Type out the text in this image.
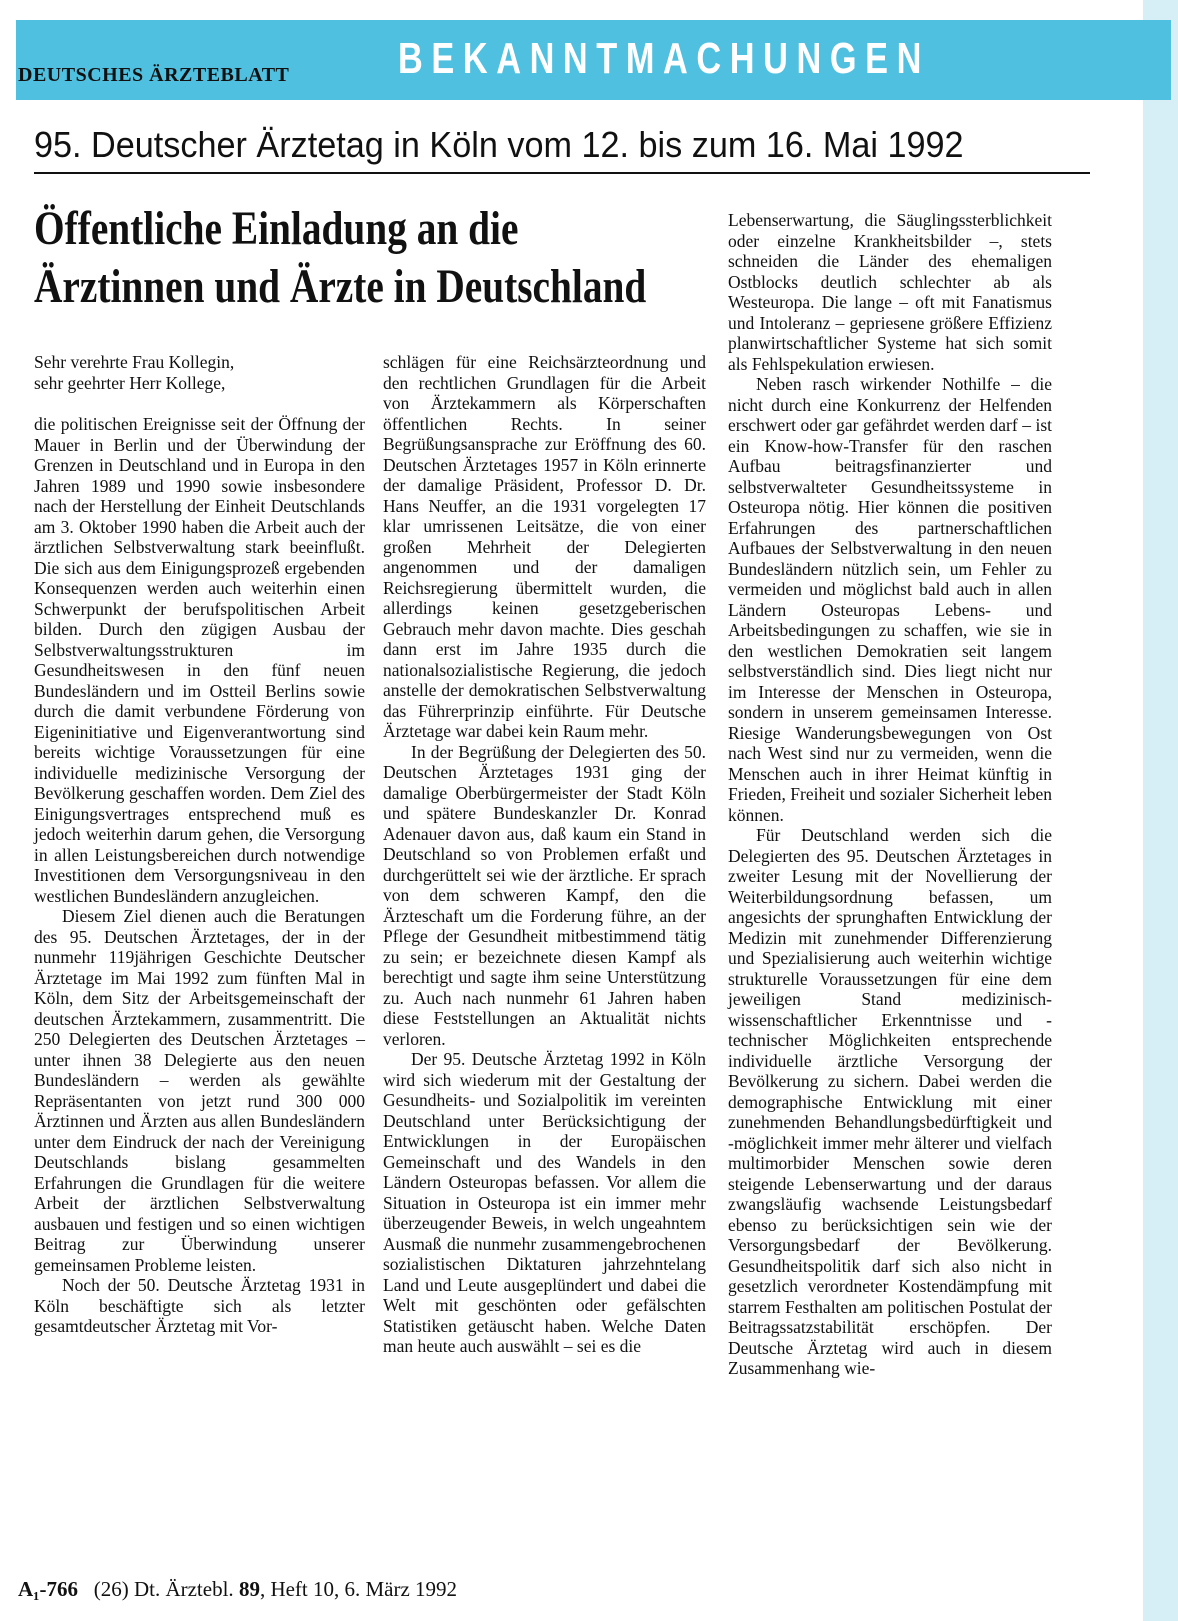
DEUTSCHES ÄRZTEBLATT BEKANNTMACHUNGEN
95. Deutscher Ärztetag in Köln vom 12. bis zum 16. Mai 1992
Öffentliche Einladung an die
Ärztinnen und Ärzte in Deutschland
Sehr verehrte Frau Kollegin,
sehr geehrter Herr Kollege,

die politischen Ereignisse seit der Öffnung der Mauer in Berlin und der Überwindung der Grenzen in Deutschland und in Europa in den Jahren 1989 und 1990 sowie insbesondere nach der Herstellung der Einheit Deutschlands am 3. Oktober 1990 haben die Arbeit auch der ärztlichen Selbstverwaltung stark beeinflußt. Die sich aus dem Einigungsprozeß ergebenden Konsequenzen werden auch weiterhin einen Schwerpunkt der berufspolitischen Arbeit bilden. Durch den zügigen Ausbau der Selbstverwaltungsstrukturen im Gesundheitswesen in den fünf neuen Bundesländern und im Ostteil Berlins sowie durch die damit verbundene Förderung von Eigeninitiative und Eigenverantwortung sind bereits wichtige Voraussetzungen für eine individuelle medizinische Versorgung der Bevölkerung geschaffen worden. Dem Ziel des Einigungsvertrages entsprechend muß es jedoch weiterhin darum gehen, die Versorgung in allen Leistungsbereichen durch notwendige Investitionen dem Versorgungsniveau in den westlichen Bundesländern anzugleichen.

Diesem Ziel dienen auch die Beratungen des 95. Deutschen Ärztetages, der in der nunmehr 119jährigen Geschichte Deutscher Ärztetage im Mai 1992 zum fünften Mal in Köln, dem Sitz der Arbeitsgemeinschaft der deutschen Ärztekammern, zusammentritt. Die 250 Delegierten des Deutschen Ärztetages – unter ihnen 38 Delegierte aus den neuen Bundesländern – werden als gewählte Repräsentanten von jetzt rund 300 000 Ärztinnen und Ärzten aus allen Bundesländern unter dem Eindruck der nach der Vereinigung Deutschlands bislang gesammelten Erfahrungen die Grundlagen für die weitere Arbeit der ärztlichen Selbstverwaltung ausbauen und festigen und so einen wichtigen Beitrag zur Überwindung unserer gemeinsamen Probleme leisten.

Noch der 50. Deutsche Ärztetag 1931 in Köln beschäftigte sich als letzter gesamtdeutscher Ärztetag mit Vor-

schlägen für eine Reichsärzteordnung und den rechtlichen Grundlagen für die Arbeit von Ärztekammern als Körperschaften öffentlichen Rechts. In seiner Begrüßungsansprache zur Eröffnung des 60. Deutschen Ärztetages 1957 in Köln erinnerte der damalige Präsident, Professor D. Dr. Hans Neuffer, an die 1931 vorgelegten 17 klar umrissenen Leitsätze, die von einer großen Mehrheit der Delegierten angenommen und der damaligen Reichsregierung übermittelt wurden, die allerdings keinen gesetzgeberischen Gebrauch mehr davon machte. Dies geschah dann erst im Jahre 1935 durch die nationalsozialistische Regierung, die jedoch anstelle der demokratischen Selbstverwaltung das Führerprinzip einführte. Für Deutsche Ärztetage war dabei kein Raum mehr.

In der Begrüßung der Delegierten des 50. Deutschen Ärztetages 1931 ging der damalige Oberbürgermeister der Stadt Köln und spätere Bundeskanzler Dr. Konrad Adenauer davon aus, daß kaum ein Stand in Deutschland so von Problemen erfaßt und durchgerüttelt sei wie der ärztliche. Er sprach von dem schweren Kampf, den die Ärzteschaft um die Forderung führe, an der Pflege der Gesundheit mitbestimmend tätig zu sein; er bezeichnete diesen Kampf als berechtigt und sagte ihm seine Unterstützung zu. Auch nach nunmehr 61 Jahren haben diese Feststellungen an Aktualität nichts verloren.

Der 95. Deutsche Ärztetag 1992 in Köln wird sich wiederum mit der Gestaltung der Gesundheits- und Sozialpolitik im vereinten Deutschland unter Berücksichtigung der Entwicklungen in der Europäischen Gemeinschaft und des Wandels in den Ländern Osteuropas befassen. Vor allem die Situation in Osteuropa ist ein immer mehr überzeugender Beweis, in welch ungeahntem Ausmaß die nunmehr zusammengebrochenen sozialistischen Diktaturen jahrzehntelang Land und Leute ausgeplündert und dabei die Welt mit geschönten oder gefälschten Statistiken getäuscht haben. Welche Daten man heute auch auswählt – sei es die

Lebenserwartung, die Säuglingssterblichkeit oder einzelne Krankheitsbilder –, stets schneiden die Länder des ehemaligen Ostblocks deutlich schlechter ab als Westeuropa. Die lange – oft mit Fanatismus und Intoleranz – gepriesene größere Effizienz planwirtschaftlicher Systeme hat sich somit als Fehlspekulation erwiesen.

Neben rasch wirkender Nothilfe – die nicht durch eine Konkurrenz der Helfenden erschwert oder gar gefährdet werden darf – ist ein Know-how-Transfer für den raschen Aufbau beitragsfinanzierter und selbstverwalteter Gesundheitssysteme in Osteuropa nötig. Hier können die positiven Erfahrungen des partnerschaftlichen Aufbaues der Selbstverwaltung in den neuen Bundesländern nützlich sein, um Fehler zu vermeiden und möglichst bald auch in allen Ländern Osteuropas Lebens- und Arbeitsbedingungen zu schaffen, wie sie in den westlichen Demokratien seit langem selbstverständlich sind. Dies liegt nicht nur im Interesse der Menschen in Osteuropa, sondern in unserem gemeinsamen Interesse. Riesige Wanderungsbewegungen von Ost nach West sind nur zu vermeiden, wenn die Menschen auch in ihrer Heimat künftig in Frieden, Freiheit und sozialer Sicherheit leben können.

Für Deutschland werden sich die Delegierten des 95. Deutschen Ärztetages in zweiter Lesung mit der Novellierung der Weiterbildungsordnung befassen, um angesichts der sprunghaften Entwicklung der Medizin mit zunehmender Differenzierung und Spezialisierung auch weiterhin wichtige strukturelle Voraussetzungen für eine dem jeweiligen Stand medizinisch-wissenschaftlicher Erkenntnisse und -technischer Möglichkeiten entsprechende individuelle ärztliche Versorgung der Bevölkerung zu sichern. Dabei werden die demographische Entwicklung mit einer zunehmenden Behandlungsbedürftigkeit und -möglichkeit immer mehr älterer und vielfach multimorbider Menschen sowie deren steigende Lebenserwartung und der daraus zwangsläufig wachsende Leistungsbedarf ebenso zu berücksichtigen sein wie der Versorgungsbedarf der Bevölkerung. Gesundheitspolitik darf sich also nicht in gesetzlich verordneter Kostendämpfung mit starrem Festhalten am politischen Postulat der Beitragssatzstabilität erschöpfen. Der Deutsche Ärztetag wird auch in diesem Zusammenhang wie-

A₁-766 (26) Dt. Ärztebl. 89, Heft 10, 6. März 1992
